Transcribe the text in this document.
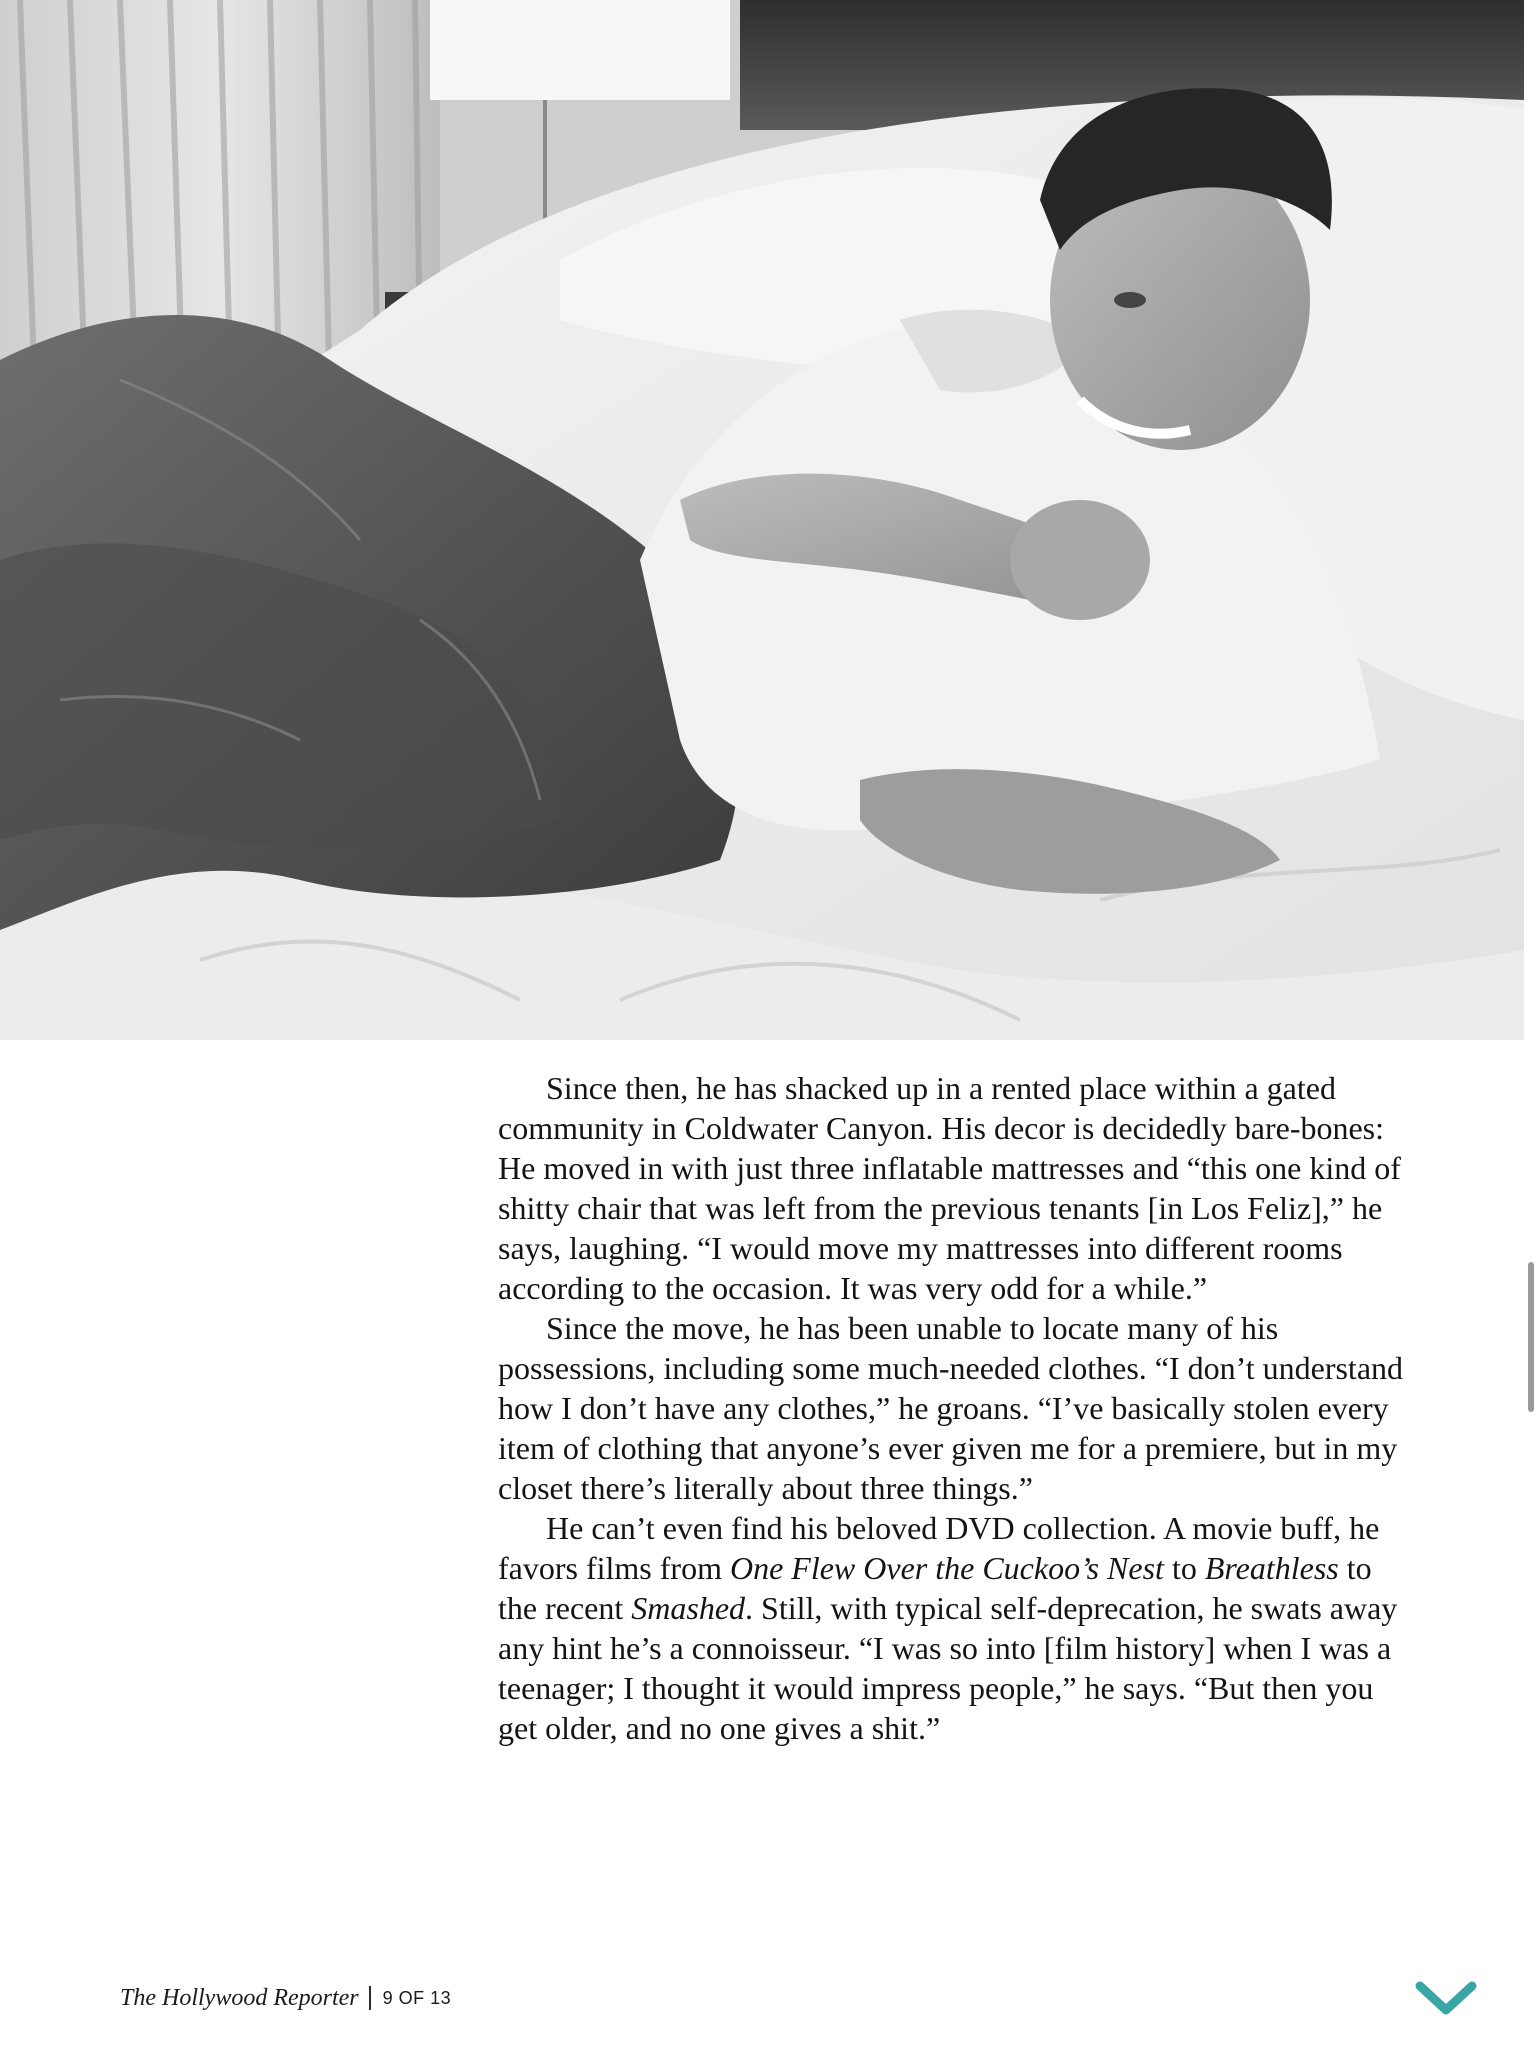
Since then, he has shacked up in a rented place within a gated community in Coldwater Canyon. His decor is decidedly bare-bones: He moved in with just three inflatable mattresses and “this one kind of shitty chair that was left from the previous tenants [in Los Feliz],” he says, laughing. “I would move my mattresses into different rooms according to the occasion. It was very odd for a while.”

Since the move, he has been unable to locate many of his possessions, including some much-needed clothes. “I don’t understand how I don’t have any clothes,” he groans. “I’ve basically stolen every item of clothing that anyone’s ever given me for a premiere, but in my closet there’s literally about three things.”

He can’t even find his beloved DVD collection. A movie buff, he favors films from One Flew Over the Cuckoo’s Nest to Breathless to the recent Smashed. Still, with typical self-deprecation, he swats away any hint he’s a connoisseur. “I was so into [film history] when I was a teenager; I thought it would impress people,” he says. “But then you get older, and no one gives a shit.”

The Hollywood Reporter 9 OF 13
